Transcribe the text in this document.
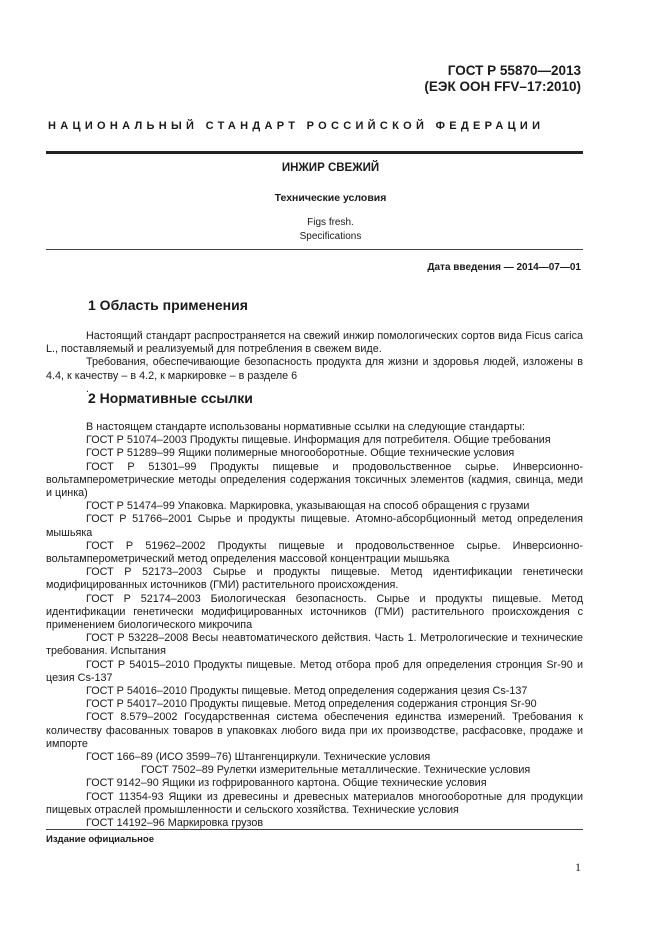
ГОСТ Р 55870—2013
(ЕЭК ООН FFV–17:2010)
НАЦИОНАЛЬНЫЙ СТАНДАРТ РОССИЙСКОЙ ФЕДЕРАЦИИ
ИНЖИР СВЕЖИЙ
Технические условия
Figs fresh.
Specifications
Дата введения — 2014—07—01
1 Область применения

Настоящий стандарт распространяется на свежий инжир помологических сортов вида Ficus carica L., поставляемый и реализуемый для потребления в свежем виде.

Требования, обеспечивающие безопасность продукта для жизни и здоровья людей, изложены в 4.4, к качеству – в 4.2, к маркировке – в разделе 6

.

2 Нормативные ссылки

В настоящем стандарте использованы нормативные ссылки на следующие стандарты:

ГОСТ Р 51074–2003 Продукты пищевые. Информация для потребителя. Общие требования

ГОСТ Р 51289–99 Ящики полимерные многооборотные. Общие технические условия

ГОСТ Р 51301–99 Продукты пищевые и продовольственное сырье. Инверсионно-вольтамперометрические методы определения содержания токсичных элементов (кадмия, свинца, меди и цинка)

ГОСТ Р 51474–99 Упаковка. Маркировка, указывающая на способ обращения с грузами

ГОСТ Р 51766–2001 Сырье и продукты пищевые. Атомно-абсорбционный метод определения мышьяка

ГОСТ Р 51962–2002 Продукты пищевые и продовольственное сырье. Инверсионно-вольтамперометрический метод определения массовой концентрации мышьяка

ГОСТ Р 52173–2003 Сырье и продукты пищевые. Метод идентификации генетически модифицированных источников (ГМИ) растительного происхождения.

ГОСТ Р 52174–2003 Биологическая безопасность. Сырье и продукты пищевые. Метод идентификации генетически модифицированных источников (ГМИ) растительного происхождения с применением биологического микрочипа

ГОСТ Р 53228–2008 Весы неавтоматического действия. Часть 1. Метрологические и технические требования. Испытания

ГОСТ Р 54015–2010 Продукты пищевые. Метод отбора проб для определения стронция Sr-90 и цезия Cs-137

ГОСТ Р 54016–2010 Продукты пищевые. Метод определения содержания цезия Cs-137

ГОСТ Р 54017–2010 Продукты пищевые. Метод определения содержания стронция Sr-90

ГОСТ 8.579–2002 Государственная система обеспечения единства измерений. Требования к количеству фасованных товаров в упаковках любого вида при их производстве, расфасовке, продаже и импорте

ГОСТ 166–89 (ИСО 3599–76) Штангенциркули. Технические условия

ГОСТ 7502–89 Рулетки измерительные металлические. Технические условия

ГОСТ 9142–90 Ящики из гофрированного картона. Общие технические условия

ГОСТ 11354-93 Ящики из древесины и древесных материалов многооборотные для продукции пищевых отраслей промышленности и сельского хозяйства. Технические условия

ГОСТ 14192–96 Маркировка грузов

Издание официальное
1
